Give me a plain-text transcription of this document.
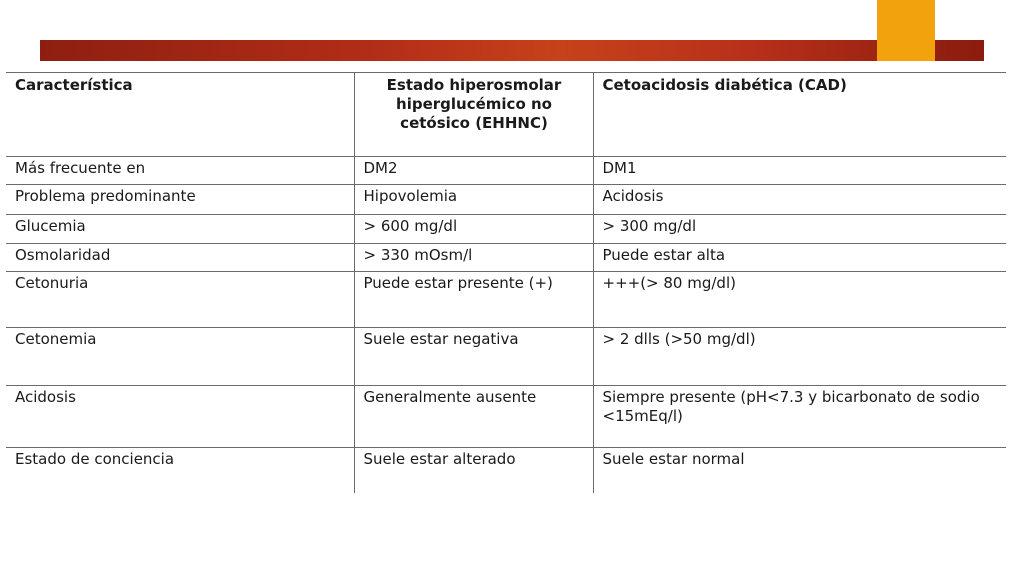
Característica	Estado hiperosmolar hiperglucémico no cetósico (EHHNC)	Cetoacidosis diabética (CAD)
Más frecuente en	DM2	DM1
Problema predominante	Hipovolemia	Acidosis
Glucemia	> 600 mg/dl	> 300 mg/dl
Osmolaridad	> 330 mOsm/l	Puede estar alta
Cetonuria	Puede estar presente (+)	+++(> 80 mg/dl)
Cetonemia	Suele estar negativa	> 2 dlls (>50 mg/dl)
Acidosis	Generalmente ausente	Siempre presente (pH<7.3 y bicarbonato de sodio <15mEq/l)
Estado de conciencia	Suele estar alterado	Suele estar normal
